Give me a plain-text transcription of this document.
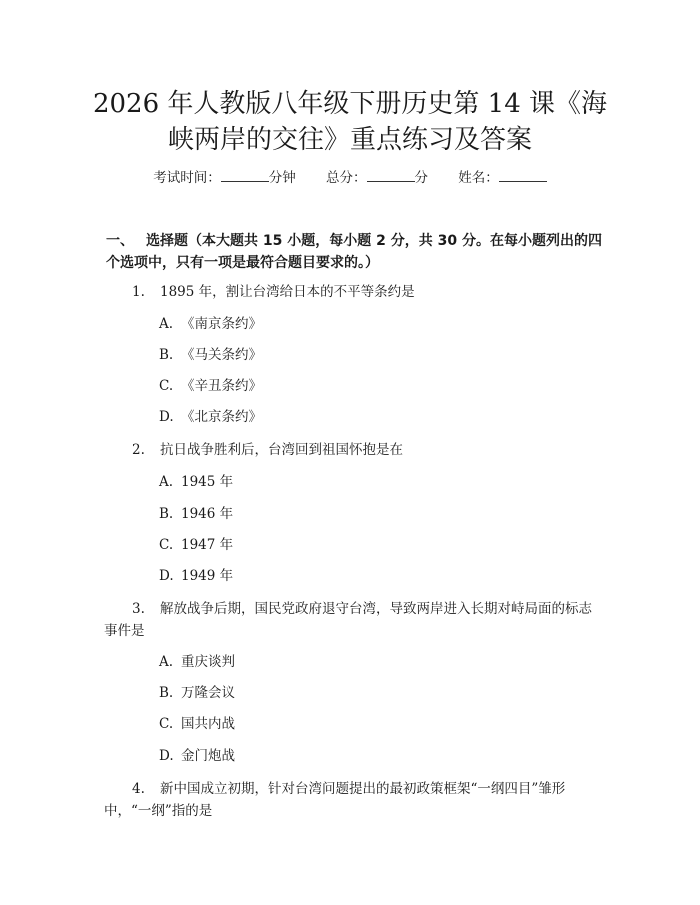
2026 年人教版八年级下册历史第 14 课《海
峡两岸的交往》重点练习及答案
考试时间：	分钟 总分：	分 姓名：
一、 选择题（本大题共 15 小题，每小题 2 分，共 30 分。在每小题列出的四个选项中，只有一项是最符合题目要求的。）
1. 1895 年，割让台湾给日本的不平等条约是
A. 《南京条约》
B. 《马关条约》
C. 《辛丑条约》
D. 《北京条约》
2. 抗日战争胜利后，台湾回到祖国怀抱是在
A. 1945 年
B. 1946 年
C. 1947 年
D. 1949 年
3. 解放战争后期，国民党政府退守台湾，导致两岸进入长期对峙局面的标志
事件是
A. 重庆谈判
B. 万隆会议
C. 国共内战
D. 金门炮战
4. 新中国成立初期，针对台湾问题提出的最初政策框架“一纲四目”雏形
中，“一纲”指的是
